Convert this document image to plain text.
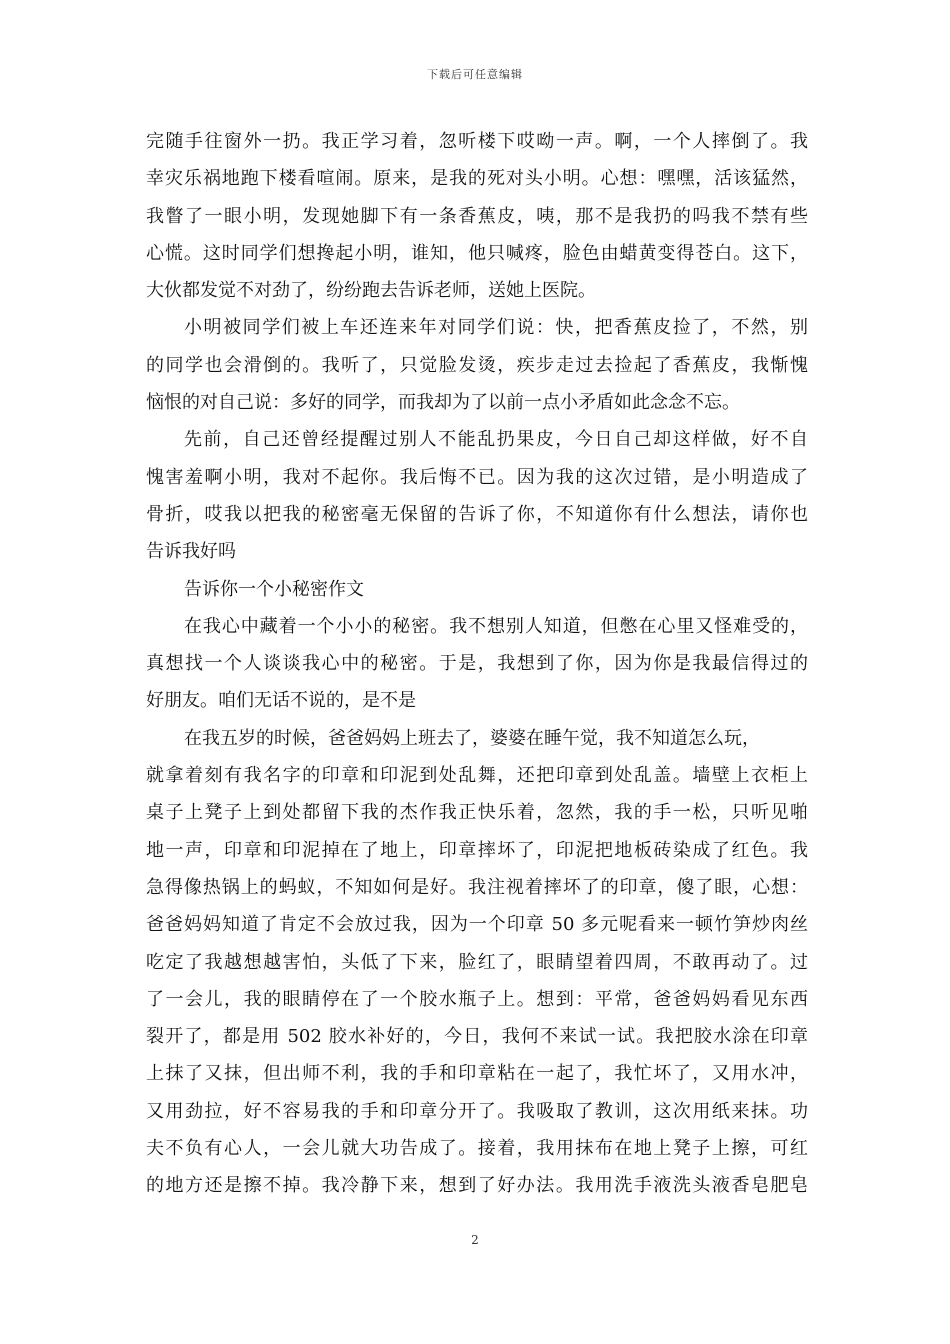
下载后可任意编辑
完随手往窗外一扔。我正学习着，忽听楼下哎呦一声。啊，一个人摔倒了。我
幸灾乐祸地跑下楼看喧闹。原来，是我的死对头小明。心想：嘿嘿，活该猛然，
我瞥了一眼小明，发现她脚下有一条香蕉皮，咦，那不是我扔的吗我不禁有些
心慌。这时同学们想搀起小明，谁知，他只喊疼，脸色由蜡黄变得苍白。这下，
大伙都发觉不对劲了，纷纷跑去告诉老师，送她上医院。
小明被同学们被上车还连来年对同学们说：快，把香蕉皮捡了，不然，别
的同学也会滑倒的。我听了，只觉脸发烫，疾步走过去捡起了香蕉皮，我惭愧
恼恨的对自己说：多好的同学，而我却为了以前一点小矛盾如此念念不忘。
先前，自己还曾经提醒过别人不能乱扔果皮，今日自己却这样做，好不自
愧害羞啊小明，我对不起你。我后悔不已。因为我的这次过错，是小明造成了
骨折，哎我以把我的秘密毫无保留的告诉了你，不知道你有什么想法，请你也
告诉我好吗
告诉你一个小秘密作文
在我心中藏着一个小小的秘密。我不想别人知道，但憋在心里又怪难受的，
真想找一个人谈谈我心中的秘密。于是，我想到了你，因为你是我最信得过的
好朋友。咱们无话不说的，是不是
在我五岁的时候，爸爸妈妈上班去了，婆婆在睡午觉，我不知道怎么玩，
就拿着刻有我名字的印章和印泥到处乱舞，还把印章到处乱盖。墙壁上衣柜上
桌子上凳子上到处都留下我的杰作我正快乐着，忽然，我的手一松，只听见啪
地一声，印章和印泥掉在了地上，印章摔坏了，印泥把地板砖染成了红色。我
急得像热锅上的蚂蚁，不知如何是好。我注视着摔坏了的印章，傻了眼，心想：
爸爸妈妈知道了肯定不会放过我，因为一个印章 50 多元呢看来一顿竹笋炒肉丝
吃定了我越想越害怕，头低了下来，脸红了，眼睛望着四周，不敢再动了。过
了一会儿，我的眼睛停在了一个胶水瓶子上。想到：平常，爸爸妈妈看见东西
裂开了，都是用 502 胶水补好的，今日，我何不来试一试。我把胶水涂在印章
上抹了又抹，但出师不利，我的手和印章粘在一起了，我忙坏了，又用水冲，
又用劲拉，好不容易我的手和印章分开了。我吸取了教训，这次用纸来抹。功
夫不负有心人，一会儿就大功告成了。接着，我用抹布在地上凳子上擦，可红
的地方还是擦不掉。我冷静下来，想到了好办法。我用洗手液洗头液香皂肥皂
2
